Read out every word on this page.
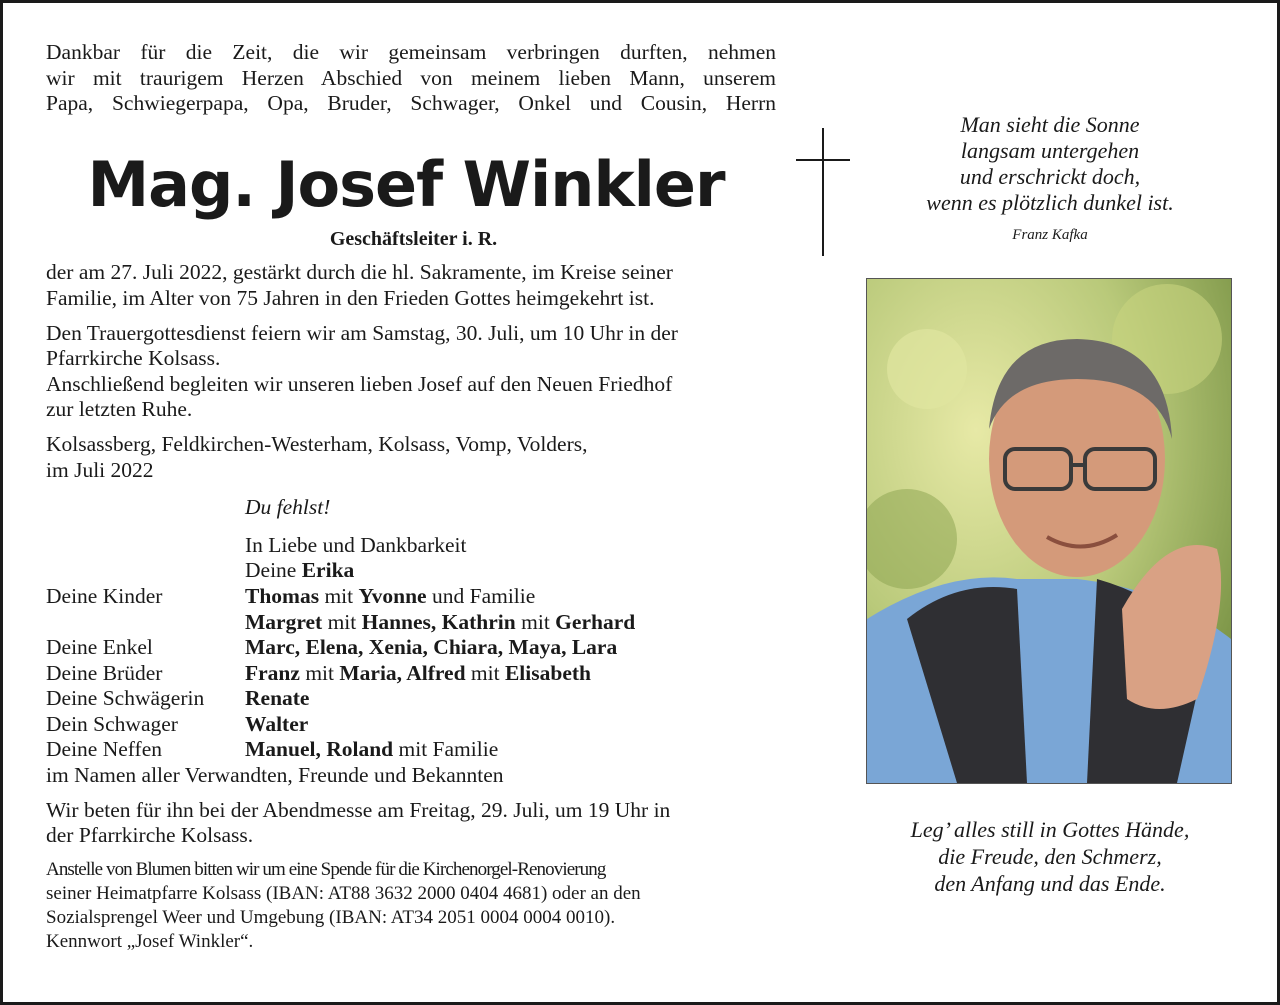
Dankbar für die Zeit, die wir gemeinsam verbringen durften, nehmen
wir mit traurigem Herzen Abschied von meinem lieben Mann, unserem
Papa, Schwiegerpapa, Opa, Bruder, Schwager, Onkel und Cousin, Herrn

Mag. Josef Winkler
Geschäftsleiter i. R.

der am 27. Juli 2022, gestärkt durch die hl. Sakramente, im Kreise seiner
Familie, im Alter von 75 Jahren in den Frieden Gottes heimgekehrt ist.

Den Trauergottesdienst feiern wir am Samstag, 30. Juli, um 10 Uhr in der
Pfarrkirche Kolsass.
Anschließend begleiten wir unseren lieben Josef auf den Neuen Friedhof
zur letzten Ruhe.

Kolsassberg, Feldkirchen-Westerham, Kolsass, Vomp, Volders,
im Juli 2022

Du fehlst!

In Liebe und Dankbarkeit

Deine Erika

Deine Kinder	Thomas mit Yvonne und Familie
	Margret mit Hannes, Kathrin mit Gerhard
Deine Enkel	Marc, Elena, Xenia, Chiara, Maya, Lara
Deine Brüder	Franz mit Maria, Alfred mit Elisabeth
Deine Schwägerin	Renate
Dein Schwager	Walter
Deine Neffen	Manuel, Roland mit Familie

im Namen aller Verwandten, Freunde und Bekannten

Wir beten für ihn bei der Abendmesse am Freitag, 29. Juli, um 19 Uhr in
der Pfarrkirche Kolsass.

Anstelle von Blumen bitten wir um eine Spende für die Kirchenorgel-Renovierung
seiner Heimatpfarre Kolsass (IBAN: AT88 3632 2000 0404 4681) oder an den
Sozialsprengel Weer und Umgebung (IBAN: AT34 2051 0004 0004 0010).
Kennwort „Josef Winkler“.
Man sieht die Sonne
langsam untergehen
und erschrickt doch,
wenn es plötzlich dunkel ist.
Franz Kafka
Leg’ alles still in Gottes Hände,
die Freude, den Schmerz,
den Anfang und das Ende.
